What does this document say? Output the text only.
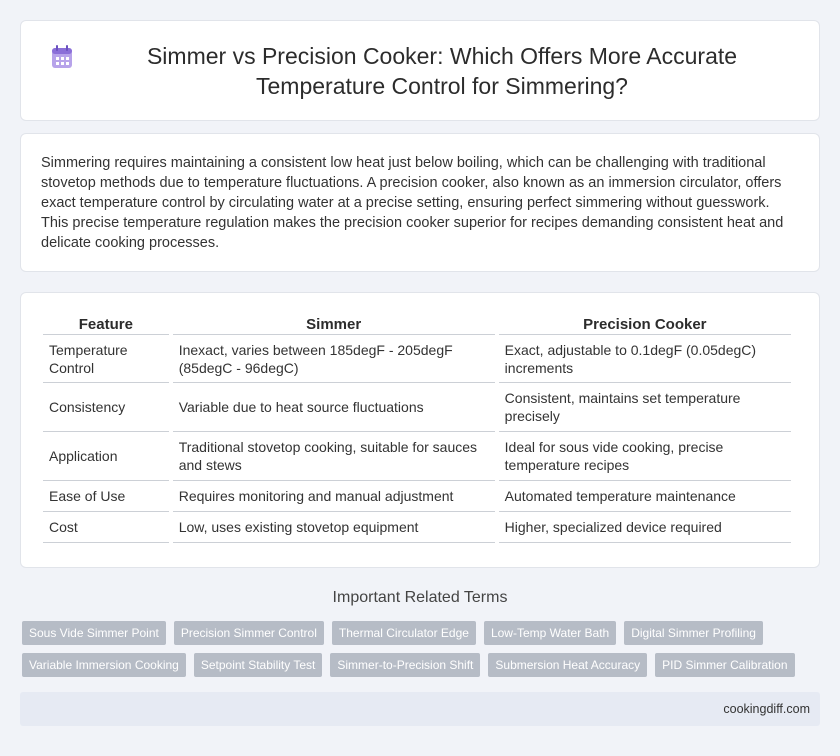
Simmer vs Precision Cooker: Which Offers More Accurate Temperature Control for Simmering?

Simmering requires maintaining a consistent low heat just below boiling, which can be challenging with traditional stovetop methods due to temperature fluctuations. A precision cooker, also known as an immersion circulator, offers exact temperature control by circulating water at a precise setting, ensuring perfect simmering without guesswork. This precise temperature regulation makes the precision cooker superior for recipes demanding consistent heat and delicate cooking processes.

Feature	Simmer	Precision Cooker
Temperature Control	Inexact, varies between 185degF - 205degF (85degC - 96degC)	Exact, adjustable to 0.1degF (0.05degC) increments
Consistency	Variable due to heat source fluctuations	Consistent, maintains set temperature precisely
Application	Traditional stovetop cooking, suitable for sauces and stews	Ideal for sous vide cooking, precise temperature recipes
Ease of Use	Requires monitoring and manual adjustment	Automated temperature maintenance
Cost	Low, uses existing stovetop equipment	Higher, specialized device required
Important Related Terms
Sous Vide Simmer Point	Precision Simmer Control	Thermal Circulator Edge	Low-Temp Water Bath	Digital Simmer Profiling
Variable Immersion Cooking	Setpoint Stability Test	Simmer-to-Precision Shift	Submersion Heat Accuracy	PID Simmer Calibration
cookingdiff.com
